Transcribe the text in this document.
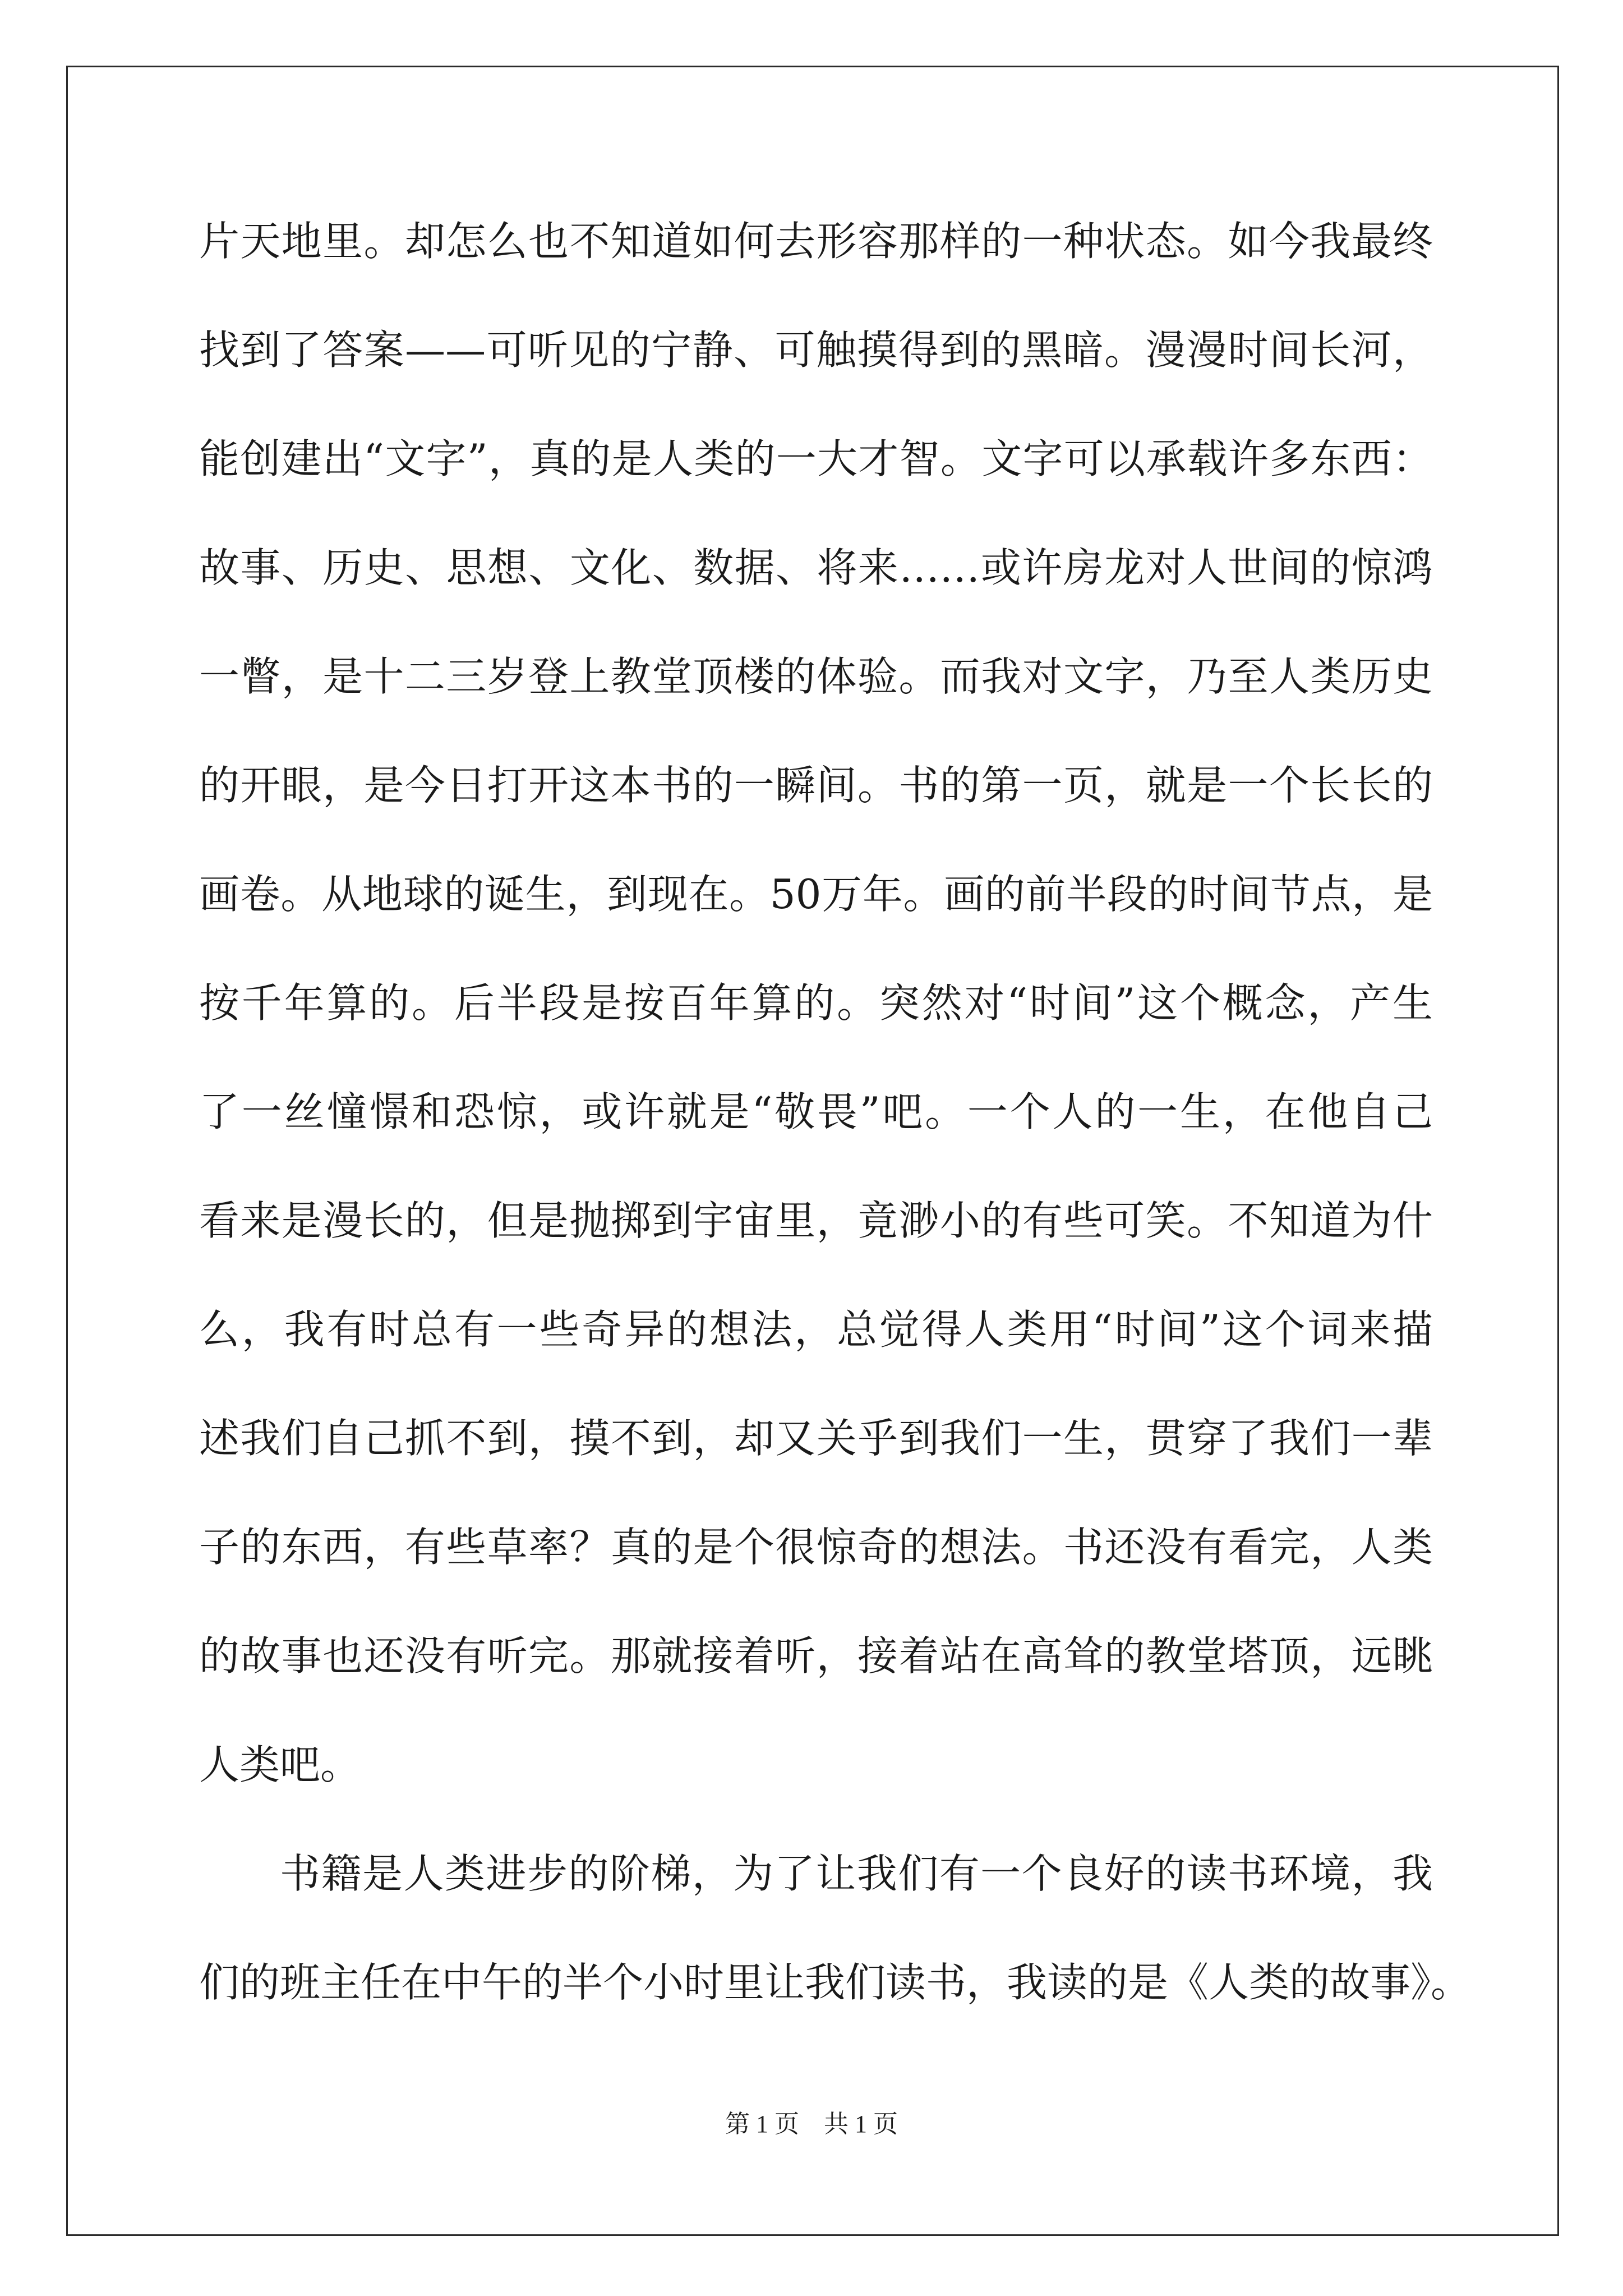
片天地里。却怎么也不知道如何去形容那样的一种状态。如今我最终
找到了答案——可听见的宁静、可触摸得到的黑暗。漫漫时间长河，
能创建出“文字”，真的是人类的一大才智。文字可以承载许多东西：
故事、历史、思想、文化、数据、将来……或许房龙对人世间的惊鸿
一瞥，是十二三岁登上教堂顶楼的体验。而我对文字，乃至人类历史
的开眼，是今日打开这本书的一瞬间。书的第一页，就是一个长长的
画卷。从地球的诞生，到现在。50万年。画的前半段的时间节点，是
按千年算的。后半段是按百年算的。突然对“时间”这个概念，产生
了一丝憧憬和恐惊，或许就是“敬畏”吧。一个人的一生，在他自己
看来是漫长的，但是抛掷到宇宙里，竟渺小的有些可笑。不知道为什
么，我有时总有一些奇异的想法，总觉得人类用“时间”这个词来描
述我们自己抓不到，摸不到，却又关乎到我们一生，贯穿了我们一辈
子的东西，有些草率？真的是个很惊奇的想法。书还没有看完，人类
的故事也还没有听完。那就接着听，接着站在高耸的教堂塔顶，远眺
人类吧。
书籍是人类进步的阶梯，为了让我们有一个良好的读书环境，我
们的班主任在中午的半个小时里让我们读书，我读的是《人类的故事》。
第 1 页    共 1 页
